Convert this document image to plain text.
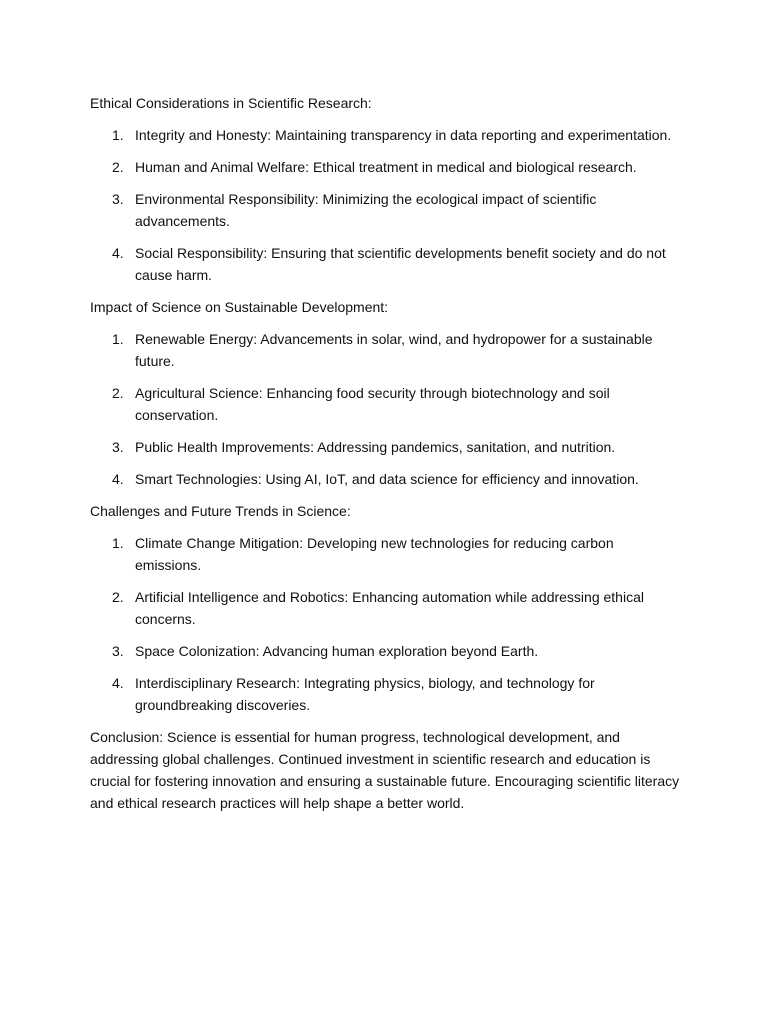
Ethical Considerations in Scientific Research:

1. Integrity and Honesty: Maintaining transparency in data reporting and experimentation.
2. Human and Animal Welfare: Ethical treatment in medical and biological research.
3. Environmental Responsibility: Minimizing the ecological impact of scientific advancements.
4. Social Responsibility: Ensuring that scientific developments benefit society and do not cause harm.

Impact of Science on Sustainable Development:

1. Renewable Energy: Advancements in solar, wind, and hydropower for a sustainable future.
2. Agricultural Science: Enhancing food security through biotechnology and soil conservation.
3. Public Health Improvements: Addressing pandemics, sanitation, and nutrition.
4. Smart Technologies: Using AI, IoT, and data science for efficiency and innovation.

Challenges and Future Trends in Science:

1. Climate Change Mitigation: Developing new technologies for reducing carbon emissions.
2. Artificial Intelligence and Robotics: Enhancing automation while addressing ethical concerns.
3. Space Colonization: Advancing human exploration beyond Earth.
4. Interdisciplinary Research: Integrating physics, biology, and technology for groundbreaking discoveries.

Conclusion: Science is essential for human progress, technological development, and addressing global challenges. Continued investment in scientific research and education is crucial for fostering innovation and ensuring a sustainable future. Encouraging scientific literacy and ethical research practices will help shape a better world.
